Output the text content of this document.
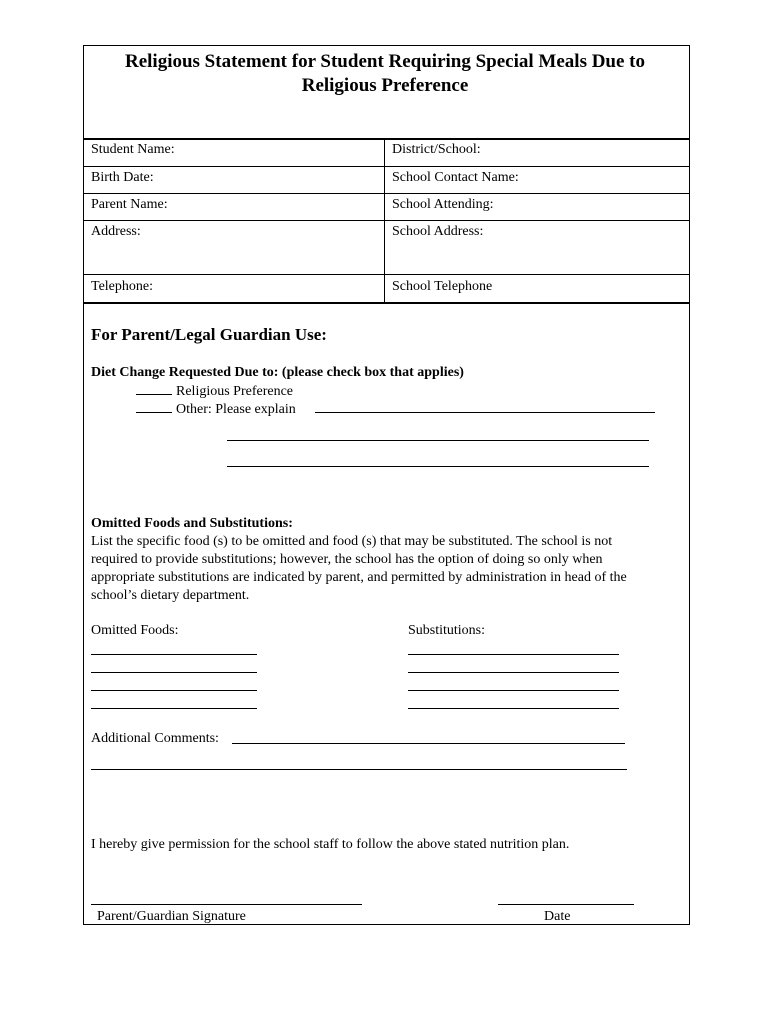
Religious Statement for Student Requiring Special Meals Due to Religious Preference
Student Name:	District/School:
Birth Date:	School Contact Name:
Parent Name:	School Attending:
Address:	School Address:
Telephone:	School Telephone
For Parent/Legal Guardian Use:
Diet Change Requested Due to: (please check box that applies)
Religious Preference
Other: Please explain
Omitted Foods and Substitutions:
List the specific food (s) to be omitted and food (s) that may be substituted. The school is not
required to provide substitutions; however, the school has the option of doing so only when
appropriate substitutions are indicated by parent, and permitted by administration in head of the
school’s dietary department.
Omitted Foods:	Substitutions:
Additional Comments:
I hereby give permission for the school staff to follow the above stated nutrition plan.
Parent/Guardian Signature	Date
